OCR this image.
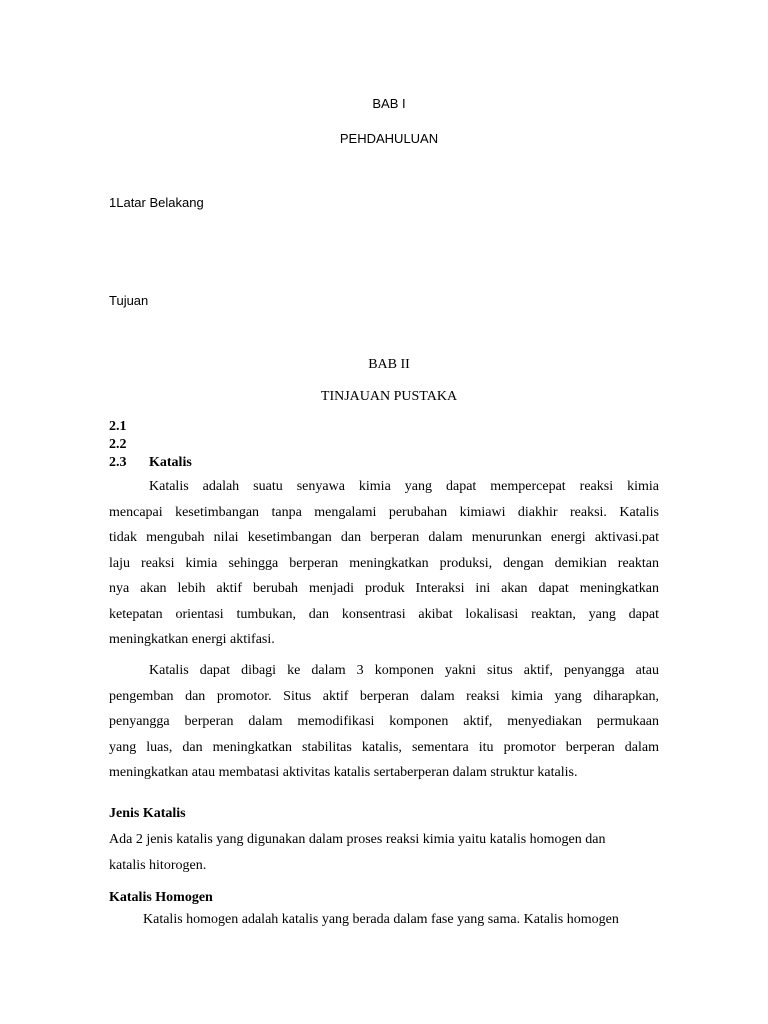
BAB I
PEHDAHULUAN
1Latar Belakang
Tujuan
BAB II
TINJAUAN PUSTAKA
2.1
2.2
2.3 Katalis
Katalis adalah suatu senyawa kimia yang dapat mempercepat reaksi kimia
mencapai kesetimbangan tanpa mengalami perubahan kimiawi diakhir reaksi. Katalis
tidak mengubah nilai kesetimbangan dan berperan dalam menurunkan energi aktivasi.pat
laju reaksi kimia sehingga berperan meningkatkan produksi, dengan demikian reaktan
nya akan lebih aktif berubah menjadi produk Interaksi ini akan dapat meningkatkan
ketepatan orientasi tumbukan, dan konsentrasi akibat lokalisasi reaktan, yang dapat
meningkatkan energi aktifasi.
Katalis dapat dibagi ke dalam 3 komponen yakni situs aktif, penyangga atau
pengemban dan promotor. Situs aktif berperan dalam reaksi kimia yang diharapkan,
penyangga berperan dalam memodifikasi komponen aktif, menyediakan permukaan
yang luas, dan meningkatkan stabilitas katalis, sementara itu promotor berperan dalam
meningkatkan atau membatasi aktivitas katalis sertaberperan dalam struktur katalis.
Jenis Katalis
Ada 2 jenis katalis yang digunakan dalam proses reaksi kimia yaitu katalis homogen dan
katalis hitorogen.
Katalis Homogen
Katalis homogen adalah katalis yang berada dalam fase yang sama. Katalis homogen
